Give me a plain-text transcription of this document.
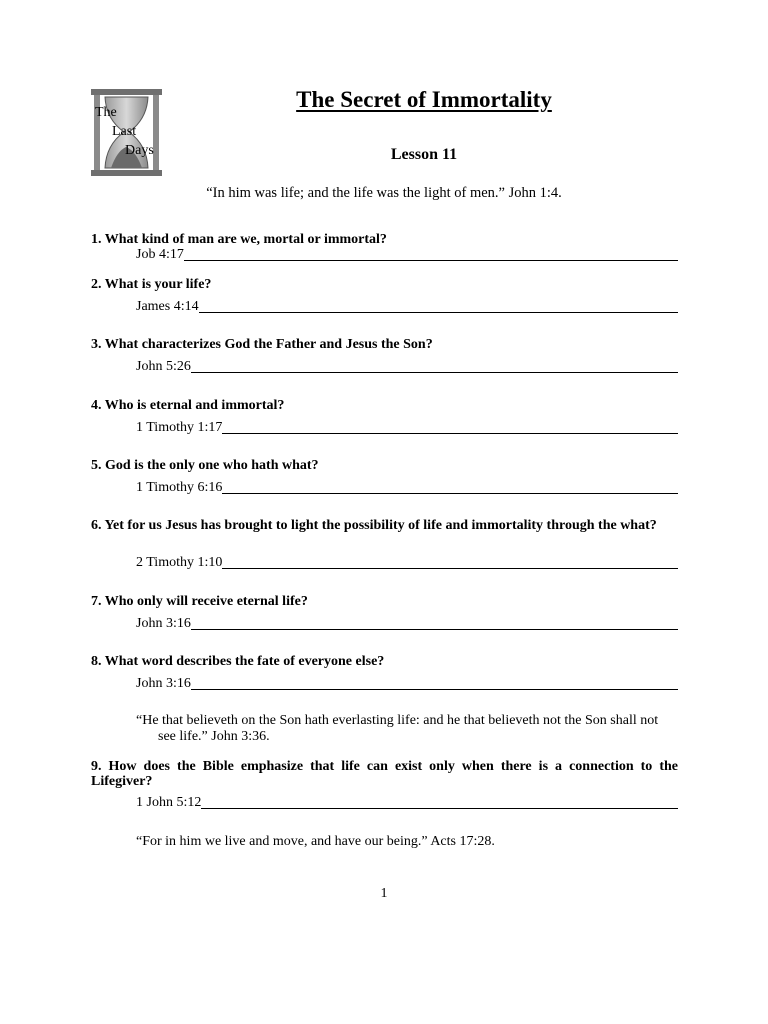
The
Last
Days
The Secret of Immortality
Lesson 11
“In him was life; and the life was the light of men.” John 1:4.
1. What kind of man are we, mortal or immortal?
Job 4:17
2. What is your life?
James 4:14
3. What characterizes God the Father and Jesus the Son?
John 5:26
4. Who is eternal and immortal?
1 Timothy 1:17
5. God is the only one who hath what?
1 Timothy 6:16
6. Yet for us Jesus has brought to light the possibility of life and immortality through the what?
2 Timothy 1:10
7. Who only will receive eternal life?
John 3:16
8. What word describes the fate of everyone else?
John 3:16
“He that believeth on the Son hath everlasting life: and he that believeth not the Son shall not
see life.” John 3:36.
9. How does the Bible emphasize that life can exist only when there is a connection to the Lifegiver?
1 John 5:12
“For in him we live and move, and have our being.” Acts 17:28.
1
